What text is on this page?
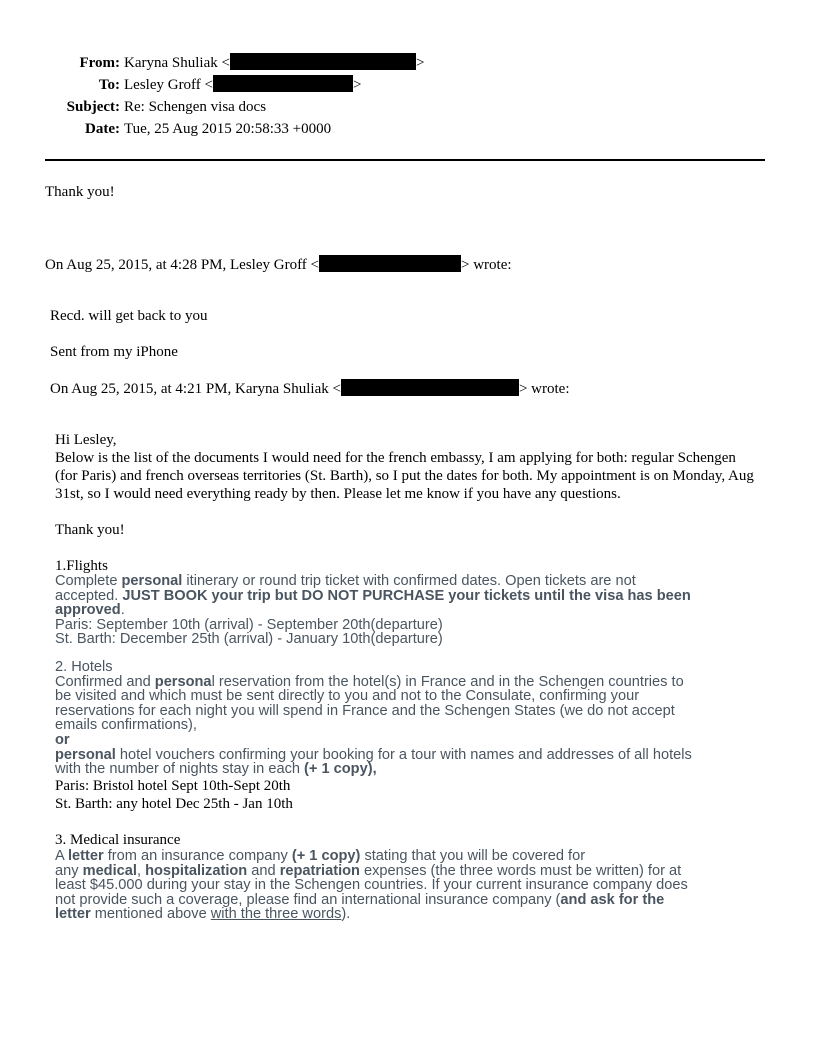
From: Karyna Shuliak <	>
To: Lesley Groff <	>
Subject: Re: Schengen visa docs
Date: Tue, 25 Aug 2015 20:58:33 +0000
Thank you!
On Aug 25, 2015, at 4:28 PM, Lesley Groff <	> wrote:
Recd. will get back to you
Sent from my iPhone
On Aug 25, 2015, at 4:21 PM, Karyna Shuliak <	> wrote:
Hi Lesley,
Below is the list of the documents I would need for the french embassy, I am applying for both: regular Schengen (for Paris) and french overseas territories (St. Barth), so I put the dates for both. My appointment is on Monday, Aug 31st, so I would need everything ready by then. Please let me know if you have any questions.
Thank you!
1.Flights
Complete personal itinerary or round trip ticket with confirmed dates. Open tickets are not
accepted. JUST BOOK your trip but DO NOT PURCHASE your tickets until the visa has been
approved.
Paris: September 10th (arrival) - September 20th(departure)
St. Barth: December 25th (arrival) - January 10th(departure)
2. Hotels
Confirmed and personal reservation from the hotel(s) in France and in the Schengen countries to
be visited and which must be sent directly to you and not to the Consulate, confirming your
reservations for each night you will spend in France and the Schengen States (we do not accept
emails confirmations),
or
personal hotel vouchers confirming your booking for a tour with names and addresses of all hotels
with the number of nights stay in each (+ 1 copy),
Paris: Bristol hotel Sept 10th-Sept 20th
St. Barth: any hotel Dec 25th - Jan 10th
3. Medical insurance
A letter from an insurance company (+ 1 copy) stating that you will be covered for
any medical, hospitalization and repatriation expenses (the three words must be written) for at
least $45.000 during your stay in the Schengen countries. If your current insurance company does
not provide such a coverage, please find an international insurance company (and ask for the
letter mentioned above with the three words).
